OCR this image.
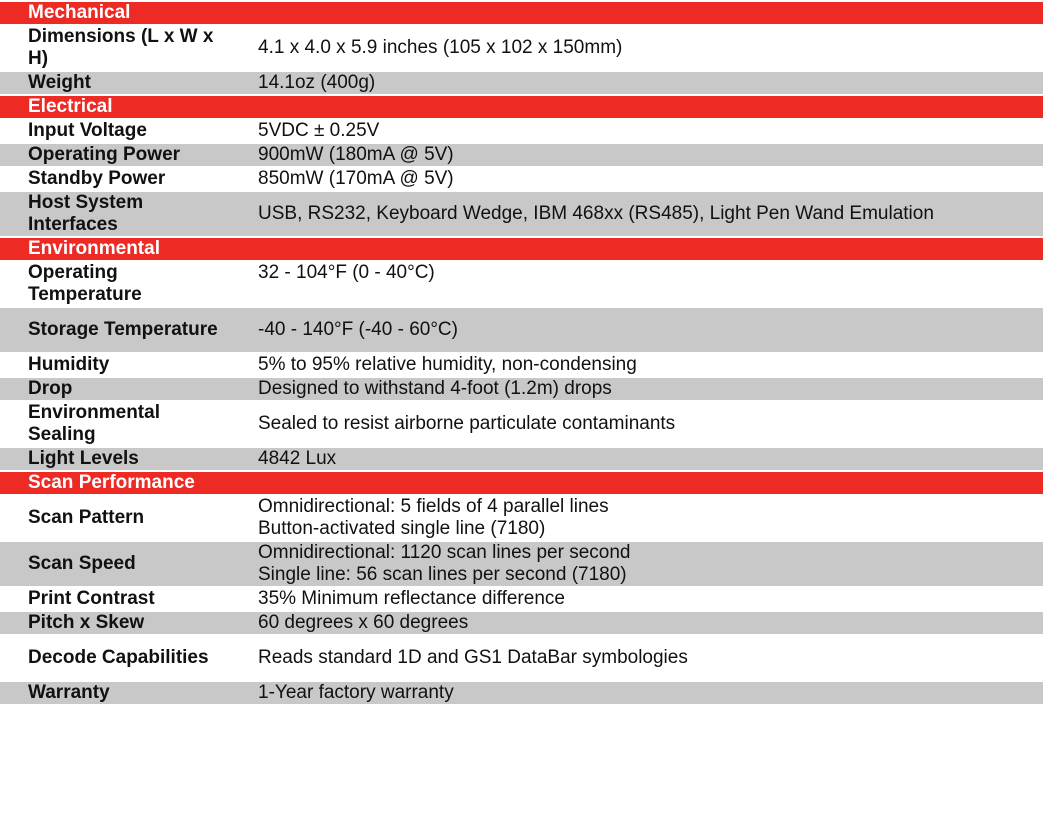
Mechanical	
Dimensions (L x W x H)	4.1 x 4.0 x 5.9 inches (105 x 102 x 150mm)
Weight	14.1oz (400g)
Electrical	
Input Voltage	5VDC ± 0.25V
Operating Power	900mW (180mA @ 5V)
Standby Power	850mW (170mA @ 5V)
Host System Interfaces	USB, RS232, Keyboard Wedge, IBM 468xx (RS485), Light Pen Wand Emulation
Environmental	
Operating Temperature	32 - 104°F (0 - 40°C)
Storage Temperature	-40 - 140°F (-40 - 60°C)
Humidity	5% to 95% relative humidity, non-condensing
Drop	Designed to withstand 4-foot (1.2m) drops
Environmental Sealing	Sealed to resist airborne particulate contaminants
Light Levels	4842 Lux
Scan Performance	
Scan Pattern	Omnidirectional: 5 fields of 4 parallel lines
Button-activated single line (7180)

Scan Speed	Omnidirectional: 1120 scan lines per second
Single line: 56 scan lines per second (7180)

Print Contrast	35% Minimum reflectance difference
Pitch x Skew	60 degrees x 60 degrees
Decode Capabilities	Reads standard 1D and GS1 DataBar symbologies
Warranty	1-Year factory warranty
